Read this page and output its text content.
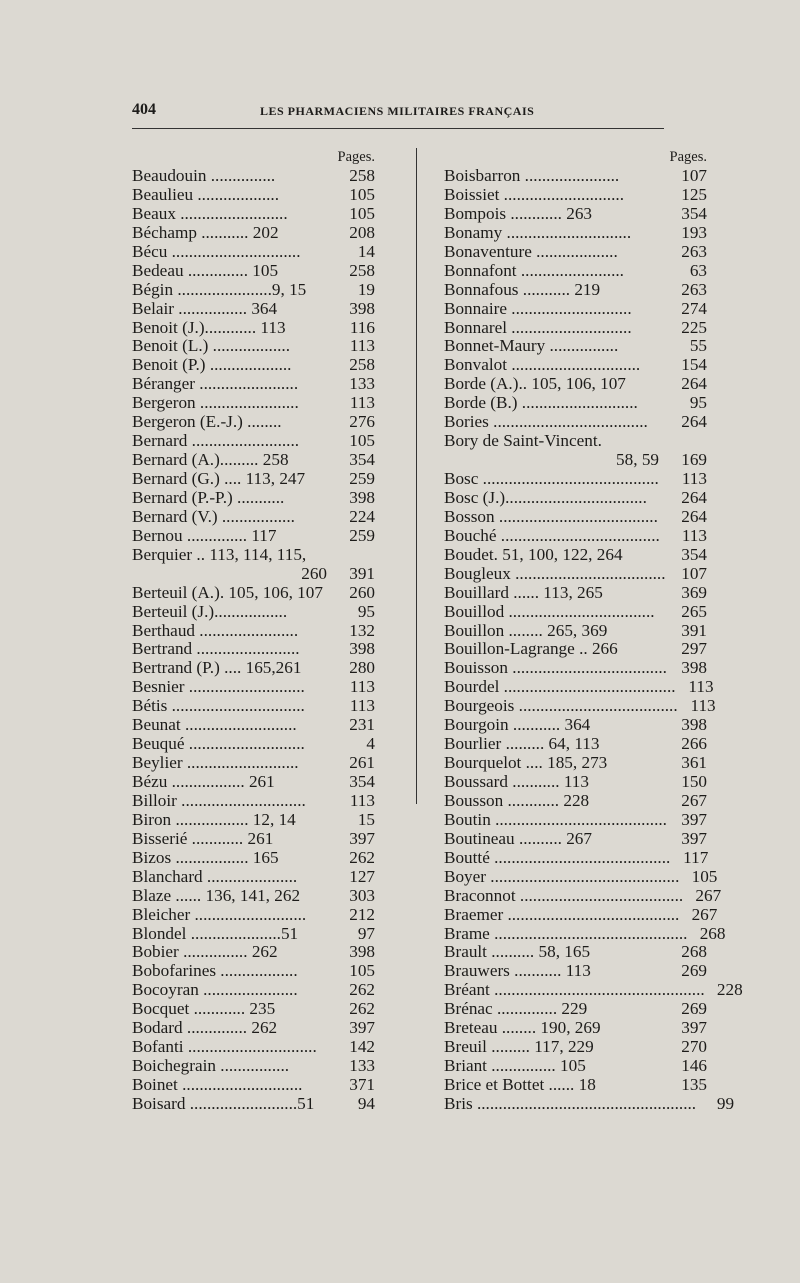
404	LES PHARMACIENS MILITAIRES FRANÇAIS
Pages.
Beaudouin ...............	258
Beaulieu ...................	105
Beaux .........................	105
Béchamp ........... 202	208
Bécu ..............................	14
Bedeau .............. 105	258
Bégin ......................9, 15	19
Belair ................ 364	398
Benoit (J.)............ 113	116
Benoit (L.) ..................	113
Benoit (P.) ...................	258
Béranger .......................	133
Bergeron .......................	113
Bergeron (E.-J.) ........	276
Bernard .........................	105
Bernard (A.)......... 258	354
Bernard (G.) .... 113, 247	259
Bernard (P.-P.) ...........	398
Bernard (V.) .................	224
Bernou .............. 117	259
Berquier .. 113, 114, 115,
260	391
Berteuil (A.). 105, 106, 107	260
Berteuil (J.).................	95
Berthaud .......................	132
Bertrand ........................	398
Bertrand (P.) .... 165,261	280
Besnier ...........................	113
Bétis ...............................	113
Beunat ..........................	231
Beuqué ...........................	4
Beylier ..........................	261
Bézu ................. 261	354
Billoir .............................	113
Biron ................. 12, 14	15
Bisserié ............ 261	397
Bizos ................. 165	262
Blanchard .....................	127
Blaze ...... 136, 141, 262	303
Bleicher ..........................	212
Blondel .....................51	97
Bobier ............... 262	398
Bobofarines ..................	105
Bocoyran ......................	262
Bocquet ............ 235	262
Bodard .............. 262	397
Bofanti ..............................	142
Boichegrain ................	133
Boinet ............................	371
Boisard .........................51	94
Pages.
Boisbarron ......................	107
Boissiet ............................	125
Bompois ............ 263	354
Bonamy .............................	193
Bonaventure ...................	263
Bonnafont ........................	63
Bonnafous ........... 219	263
Bonnaire ............................	274
Bonnarel ............................	225
Bonnet-Maury ................	55
Bonvalot ..............................	154
Borde (A.).. 105, 106, 107	264
Borde (B.) ...........................	95
Bories ....................................	264
Bory de Saint-Vincent.
58, 59	169
Bosc .........................................	113
Bosc (J.).................................	264
Bosson .....................................	264
Bouché .....................................	113
Boudet. 51, 100, 122, 264	354
Bougleux ................................... 107
Bouillard ...... 113, 265	369
Bouillod ..................................	265
Bouillon ........ 265, 369	391
Bouillon-Lagrange .. 266	297
Bouisson .................................... 398
Bourdel ........................................ 113
Bourgeois ..................................... 113
Bourgoin ........... 364	398
Bourlier ......... 64, 113	266
Bourquelot .... 185, 273	361
Boussard ........... 113	150
Bousson ............ 228	267
Boutin ........................................ 397
Boutineau .......... 267	397
Boutté ......................................... 117
Boyer ............................................ 105
Braconnot ...................................... 267
Braemer ........................................ 267
Brame ............................................. 268
Brault .......... 58, 165	268
Brauwers ........... 113	269
Bréant ................................................. 228
Brénac .............. 229	269
Breteau ........ 190, 269	397
Breuil ......... 117, 229	270
Briant ............... 105	146
Brice et Bottet ...... 18	135
Bris ...................................................	99
